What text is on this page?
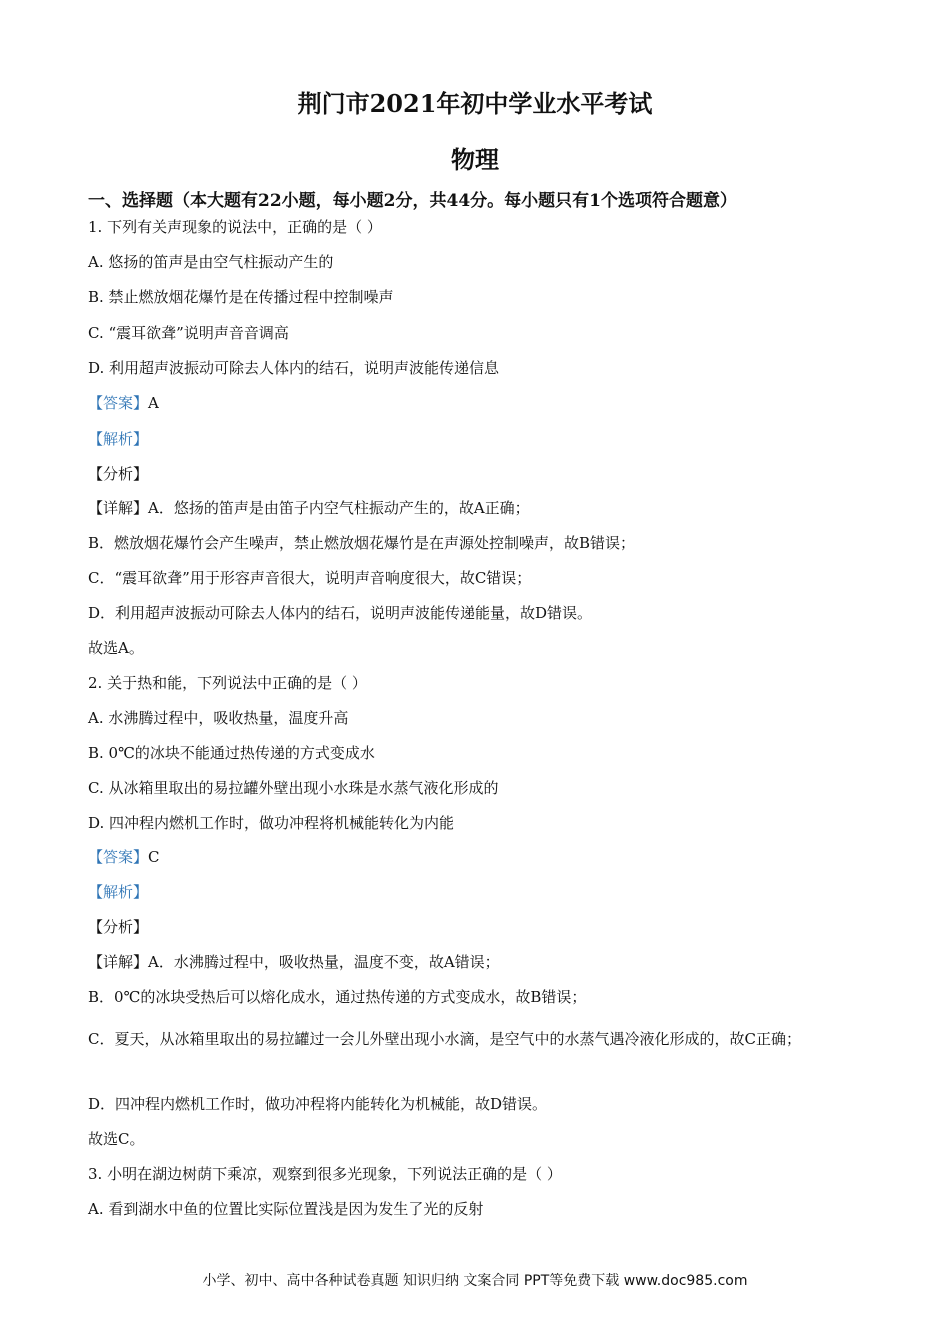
荆门市2021年初中学业水平考试
物理
一、选择题（本大题有22小题，每小题2分，共44分。每小题只有1个选项符合题意）
1. 下列有关声现象的说法中，正确的是（ ）
A. 悠扬的笛声是由空气柱振动产生的
B. 禁止燃放烟花爆竹是在传播过程中控制噪声
C. “震耳欲聋”说明声音音调高
D. 利用超声波振动可除去人体内的结石，说明声波能传递信息
【答案】A
【解析】
【分析】
【详解】A．悠扬的笛声是由笛子内空气柱振动产生的，故A正确；
B．燃放烟花爆竹会产生噪声，禁止燃放烟花爆竹是在声源处控制噪声，故B错误；
C．“震耳欲聋”用于形容声音很大，说明声音响度很大，故C错误；
D．利用超声波振动可除去人体内的结石，说明声波能传递能量，故D错误。
故选A。
2. 关于热和能，下列说法中正确的是（ ）
A. 水沸腾过程中，吸收热量，温度升高
B. 0℃的冰块不能通过热传递的方式变成水
C. 从冰箱里取出的易拉罐外壁出现小水珠是水蒸气液化形成的
D. 四冲程内燃机工作时，做功冲程将机械能转化为内能
【答案】C
【解析】
【分析】
【详解】A．水沸腾过程中，吸收热量，温度不变，故A错误；
B．0℃的冰块受热后可以熔化成水，通过热传递的方式变成水，故B错误；
C．夏天，从冰箱里取出的易拉罐过一会儿外壁出现小水滴，是空气中的水蒸气遇冷液化形成的，故C正确；
D．四冲程内燃机工作时，做功冲程将内能转化为机械能，故D错误。
故选C。
3. 小明在湖边树荫下乘凉，观察到很多光现象，下列说法正确的是（ ）
A. 看到湖水中鱼的位置比实际位置浅是因为发生了光的反射
小学、初中、高中各种试卷真题 知识归纳 文案合同 PPT等免费下载 www.doc985.com
